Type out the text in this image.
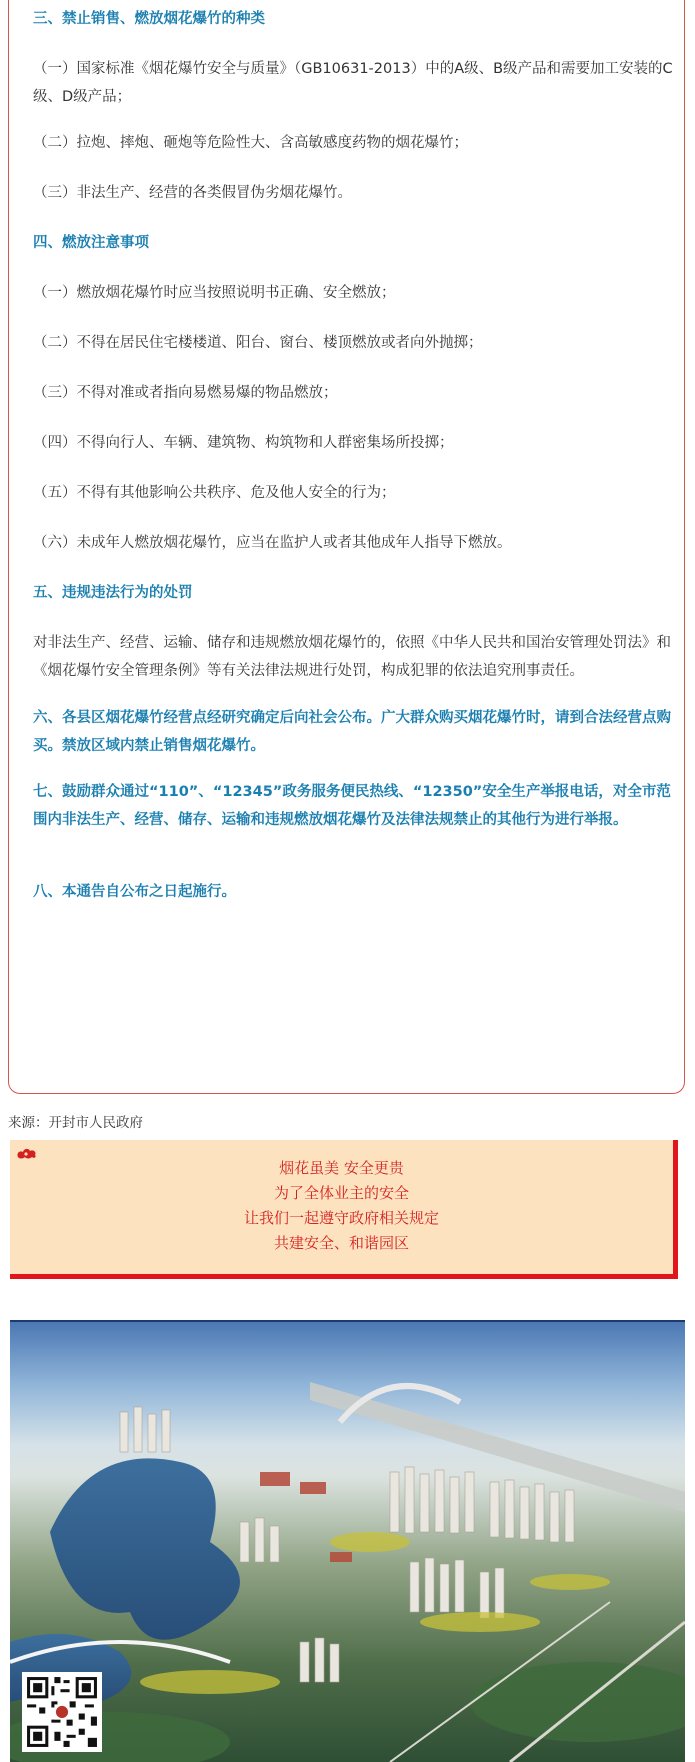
三、禁止销售、燃放烟花爆竹的种类

（一）国家标准《烟花爆竹安全与质量》（GB10631-2013）中的A级、B级产品和需要加工安装的C级、D级产品；

（二）拉炮、摔炮、砸炮等危险性大、含高敏感度药物的烟花爆竹；

（三）非法生产、经营的各类假冒伪劣烟花爆竹。

四、燃放注意事项

（一）燃放烟花爆竹时应当按照说明书正确、安全燃放；

（二）不得在居民住宅楼楼道、阳台、窗台、楼顶燃放或者向外抛掷；

（三）不得对准或者指向易燃易爆的物品燃放；

（四）不得向行人、车辆、建筑物、构筑物和人群密集场所投掷；

（五）不得有其他影响公共秩序、危及他人安全的行为；

（六）未成年人燃放烟花爆竹，应当在监护人或者其他成年人指导下燃放。

五、违规违法行为的处罚

对非法生产、经营、运输、储存和违规燃放烟花爆竹的，依照《中华人民共和国治安管理处罚法》和《烟花爆竹安全管理条例》等有关法律法规进行处罚，构成犯罪的依法追究刑事责任。

六、各县区烟花爆竹经营点经研究确定后向社会公布。广大群众购买烟花爆竹时，请到合法经营点购买。禁放区域内禁止销售烟花爆竹。

七、鼓励群众通过“110”、“12345”政务服务便民热线、“12350”安全生产举报电话，对全市范围内非法生产、经营、储存、运输和违规燃放烟花爆竹及法律法规禁止的其他行为进行举报。

八、本通告自公布之日起施行。

来源：开封市人民政府
烟花虽美 安全更贵
为了全体业主的安全
让我们一起遵守政府相关规定
共建安全、和谐园区
